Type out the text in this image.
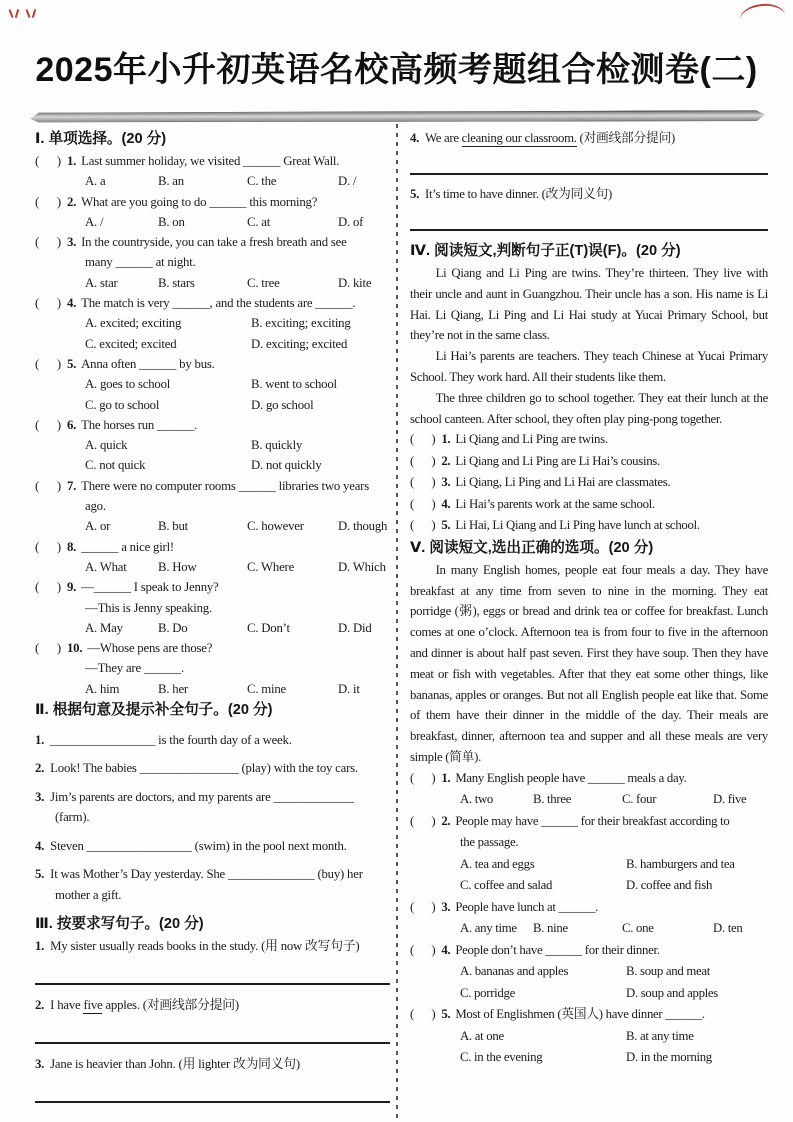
2025年小升初英语名校高频考题组合检测卷(二)
Ⅰ. 单项选择。(20 分)
(      ) 1. Last summer holiday, we visited ______ Great Wall.
A. a	B. an	C. the	D. /
(      ) 2. What are you going to do ______ this morning?
A. /	B. on	C. at	D. of
(      ) 3. In the countryside, you can take a fresh breath and see
many ______ at night.
A. star	B. stars	C. tree	D. kite
(      ) 4. The match is very ______, and the students are ______.
A. excited; exciting	B. exciting; exciting
C. excited; excited	D. exciting; excited
(      ) 5. Anna often ______ by bus.
A. goes to school	B. went to school
C. go to school	D. go school
(      ) 6. The horses run ______.
A. quick	B. quickly
C. not quick	D. not quickly
(      ) 7. There were no computer rooms ______ libraries two years
ago.
A. or	B. but	C. however	D. though
(      ) 8. ______ a nice girl!
A. What	B. How	C. Where	D. Which
(      ) 9. —______ I speak to Jenny?
—This is Jenny speaking.
A. May	B. Do	C. Don’t	D. Did
(      ) 10. —Whose pens are those?
—They are ______.
A. him	B. her	C. mine	D. it
Ⅱ. 根据句意及提示补全句子。(20 分)
1. _________________ is the fourth day of a week.
2. Look! The babies ________________ (play) with the toy cars.
3. Jim’s parents are doctors, and my parents are _____________
(farm).
4. Steven _________________ (swim) in the pool next month.
5. It was Mother’s Day yesterday. She ______________ (buy) her
mother a gift.
Ⅲ. 按要求写句子。(20 分)
1. My sister usually reads books in the study. (用 now 改写句子)
2. I have five apples. (对画线部分提问)
3. Jane is heavier than John. (用 lighter 改为同义句)
4. We are cleaning our classroom. (对画线部分提问)
5. It’s time to have dinner. (改为同义句)
Ⅳ. 阅读短文,判断句子正(T)误(F)。(20 分)
Li Qiang and Li Ping are twins. They’re thirteen. They live with their uncle and aunt in Guangzhou. Their uncle has a son. His name is Li Hai. Li Qiang, Li Ping and Li Hai study at Yucai Primary School, but they’re not in the same class.
Li Hai’s parents are teachers. They teach Chinese at Yucai Primary School. They work hard. All their students like them.
The three children go to school together. They eat their lunch at the school canteen. After school, they often play ping-pong together.
(      ) 1. Li Qiang and Li Ping are twins.
(      ) 2. Li Qiang and Li Ping are Li Hai’s cousins.
(      ) 3. Li Qiang, Li Ping and Li Hai are classmates.
(      ) 4. Li Hai’s parents work at the same school.
(      ) 5. Li Hai, Li Qiang and Li Ping have lunch at school.
Ⅴ. 阅读短文,选出正确的选项。(20 分)
In many English homes, people eat four meals a day. They have breakfast at any time from seven to nine in the morning. They eat porridge (粥), eggs or bread and drink tea or coffee for breakfast. Lunch comes at one o’clock. Afternoon tea is from four to five in the afternoon and dinner is about half past seven. First they have soup. Then they have meat or fish with vegetables. After that they eat some other things, like bananas, apples or oranges. But not all English people eat like that. Some of them have their dinner in the middle of the day. Their meals are breakfast, dinner, afternoon tea and supper and all these meals are very simple (简单).
(      ) 1. Many English people have ______ meals a day.
A. two	B. three	C. four	D. five
(      ) 2. People may have ______ for their breakfast according to
the passage.
A. tea and eggs	B. hamburgers and tea
C. coffee and salad	D. coffee and fish
(      ) 3. People have lunch at ______.
A. any time	B. nine	C. one	D. ten
(      ) 4. People don’t have ______ for their dinner.
A. bananas and apples	B. soup and meat
C. porridge	D. soup and apples
(      ) 5. Most of Englishmen (英国人) have dinner ______.
A. at one	B. at any time
C. in the evening	D. in the morning
